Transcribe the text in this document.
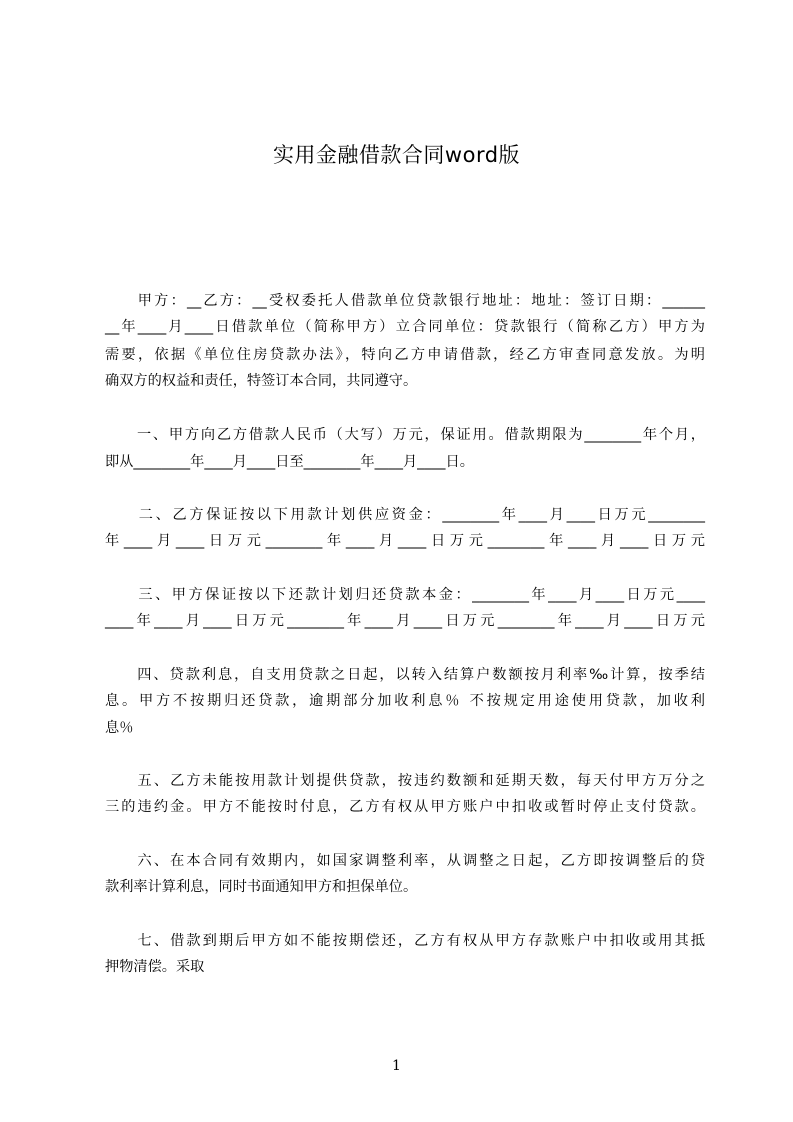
实用金融借款合同word版
　　甲方：__乙方：__受权委托人借款单位贷款银行地址：地址：签订日期：______
__年____月____日借款单位（简称甲方）立合同单位：贷款银行（简称乙方）甲方为
需要，依据《单位住房贷款办法》，特向乙方申请借款，经乙方审查同意发放。为明
确双方的权益和责任，特签订本合同，共同遵守。
　　一、甲方向乙方借款人民币（大写）万元，保证用。借款期限为________年个月，
即从________年____月____日至________年____月____日。
　　二、乙方保证按以下用款计划供应资金：________年____月____日万元________
年____月____日万元________年____月____日万元________年____月____日万元
　　三、甲方保证按以下还款计划归还贷款本金：________年____月____日万元____
____年____月____日万元________年____月____日万元________年____月____日万元
　　四、贷款利息，自支用贷款之日起，以转入结算户数额按月利率‰计算，按季结
息。甲方不按期归还贷款，逾期部分加收利息％ 不按规定用途使用贷款，加收利
息％
　　五、乙方未能按用款计划提供贷款，按违约数额和延期天数，每天付甲方万分之
三的违约金。甲方不能按时付息，乙方有权从甲方账户中扣收或暂时停止支付贷款。
　　六、在本合同有效期内，如国家调整利率，从调整之日起，乙方即按调整后的贷
款利率计算利息，同时书面通知甲方和担保单位。
　　七、借款到期后甲方如不能按期偿还，乙方有权从甲方存款账户中扣收或用其抵
押物清偿。采取
1
